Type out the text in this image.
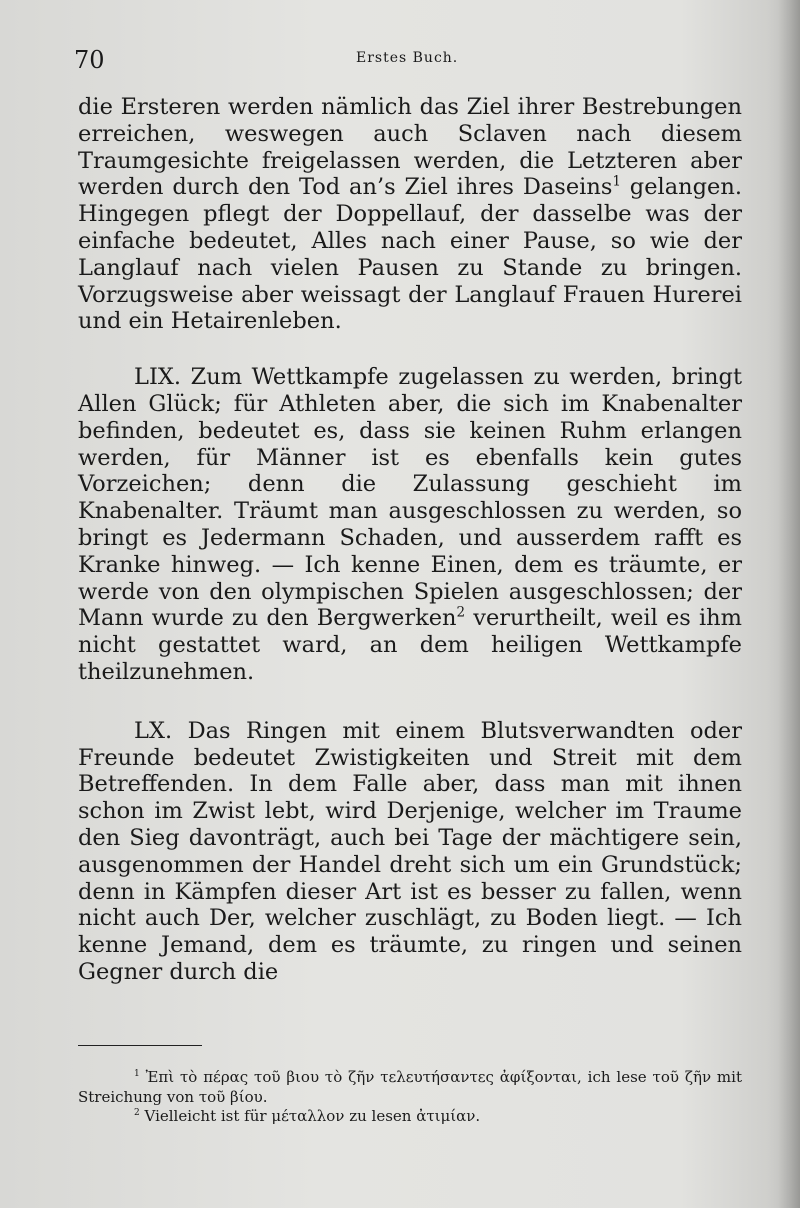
70	Erstes Buch.

die Ersteren werden nämlich das Ziel ihrer Bestrebungen erreichen, weswegen auch Sclaven nach diesem Traumgesichte freigelassen werden, die Letzteren aber werden durch den Tod an’s Ziel ihres Daseins$^1$ gelangen. Hingegen pflegt der Doppellauf, der dasselbe was der einfache bedeutet, Alles nach einer Pause, so wie der Langlauf nach vielen Pausen zu Stande zu bringen. Vorzugsweise aber weissagt der Langlauf Frauen Hurerei und ein Hetairenleben.

LIX. Zum Wettkampfe zugelassen zu werden, bringt Allen Glück; für Athleten aber, die sich im Knabenalter befinden, bedeutet es, dass sie keinen Ruhm erlangen werden, für Männer ist es ebenfalls kein gutes Vorzeichen; denn die Zulassung geschieht im Knabenalter. Träumt man ausgeschlossen zu werden, so bringt es Jedermann Schaden, und ausserdem rafft es Kranke hinweg. — Ich kenne Einen, dem es träumte, er werde von den olympischen Spielen ausgeschlossen; der Mann wurde zu den Bergwerken$^2$ verurtheilt, weil es ihm nicht gestattet ward, an dem heiligen Wettkampfe theilzunehmen.

LX. Das Ringen mit einem Blutsverwandten oder Freunde bedeutet Zwistigkeiten und Streit mit dem Betreffenden. In dem Falle aber, dass man mit ihnen schon im Zwist lebt, wird Derjenige, welcher im Traume den Sieg davonträgt, auch bei Tage der mächtigere sein, ausgenommen der Handel dreht sich um ein Grundstück; denn in Kämpfen dieser Art ist es besser zu fallen, wenn nicht auch Der, welcher zuschlägt, zu Boden liegt. — Ich kenne Jemand, dem es träumte, zu ringen und seinen Gegner durch die

$^1$ Ἐπὶ τὸ πέρας τοῦ βιου τὸ ζῆν τελευτήσαντες ἀφίξονται, ich lese τοῦ ζῆν mit Streichung von τοῦ βίου.

$^2$ Vielleicht ist für μέταλλον zu lesen ἀτιμίαν.
